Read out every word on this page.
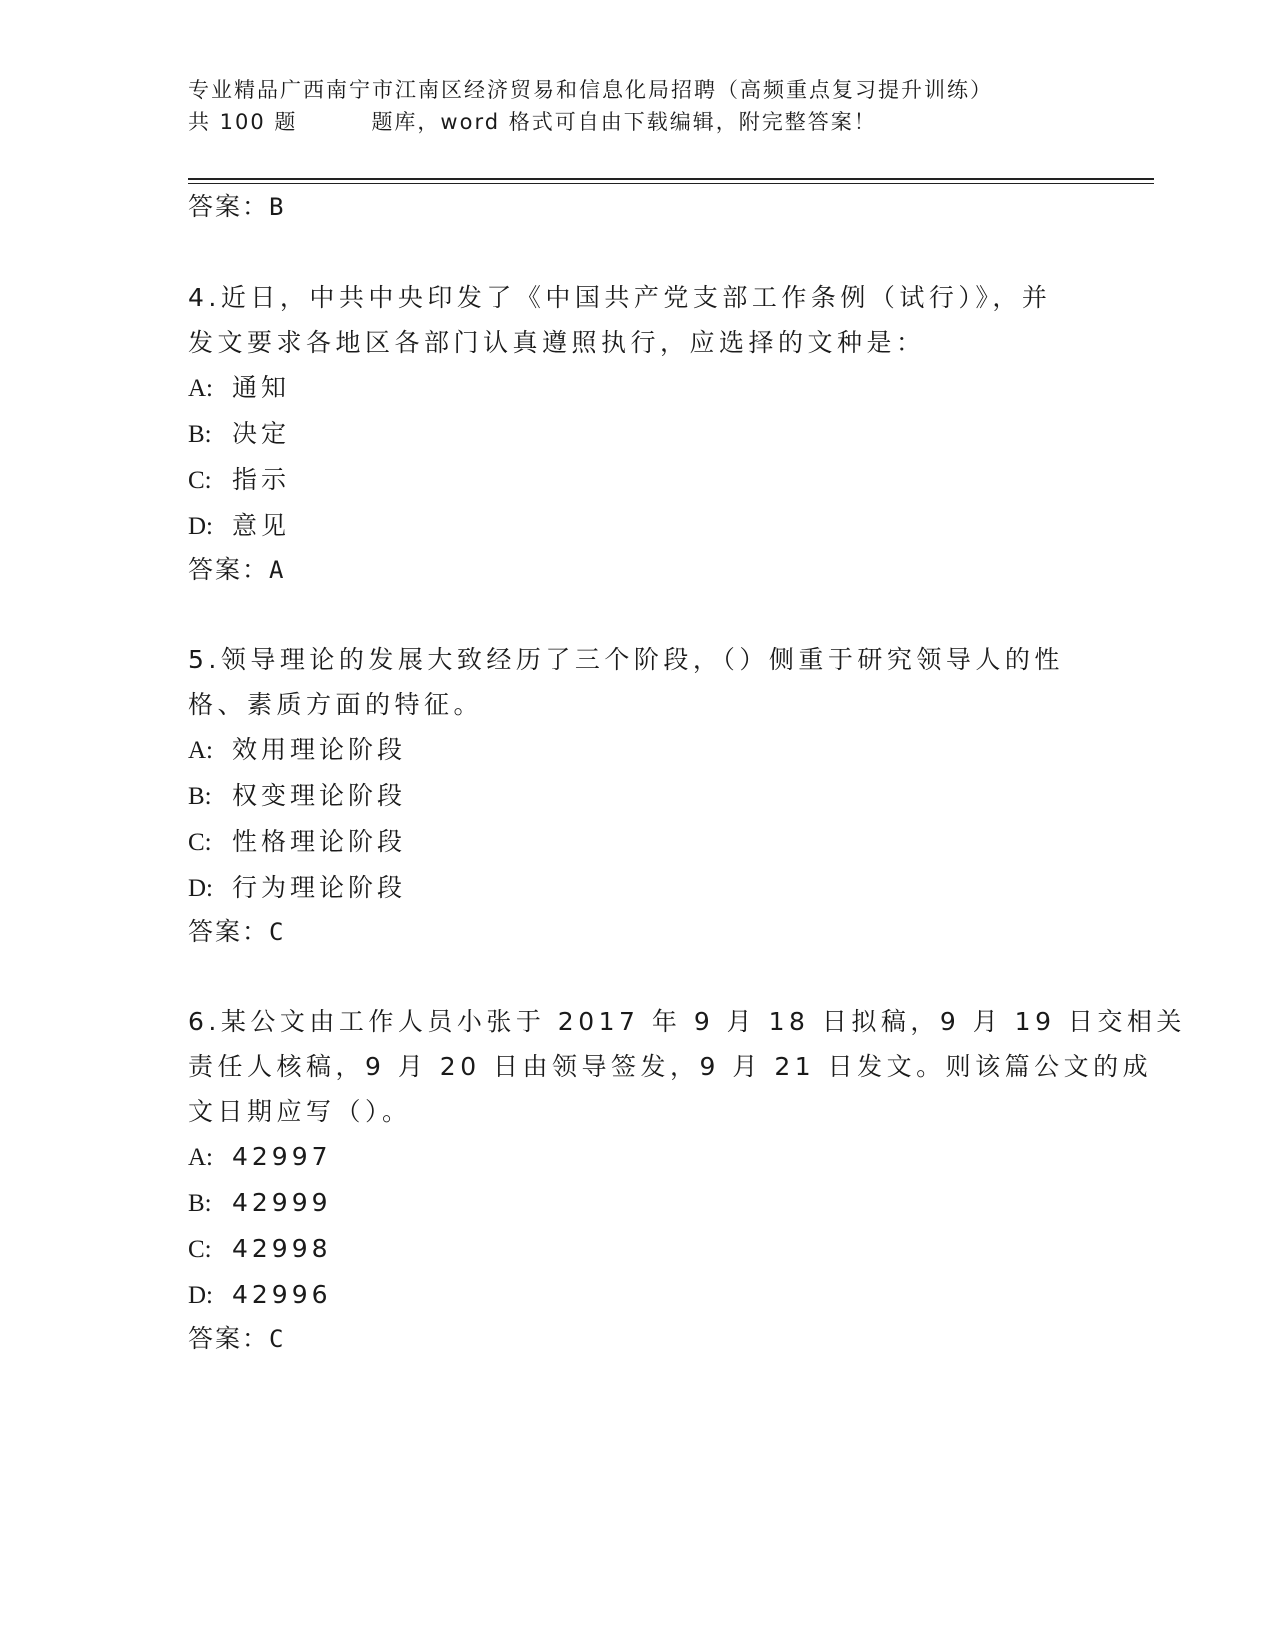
专业精品广西南宁市江南区经济贸易和信息化局招聘（高频重点复习提升训练）
共 100 题	题库，word 格式可自由下载编辑，附完整答案！
答案：B
4.近日，中共中央印发了《中国共产党支部工作条例（试行）》，并
发文要求各地区各部门认真遵照执行，应选择的文种是：
A: 通知
B: 决定
C: 指示
D: 意见
答案：A
5.领导理论的发展大致经历了三个阶段，（）侧重于研究领导人的性
格、素质方面的特征。
A: 效用理论阶段
B: 权变理论阶段
C: 性格理论阶段
D: 行为理论阶段
答案：C
6.某公文由工作人员小张于 2017 年 9 月 18 日拟稿，9 月 19 日交相关
责任人核稿，9 月 20 日由领导签发，9 月 21 日发文。则该篇公文的成
文日期应写（）。
A: 42997
B: 42999
C: 42998
D: 42996
答案：C
